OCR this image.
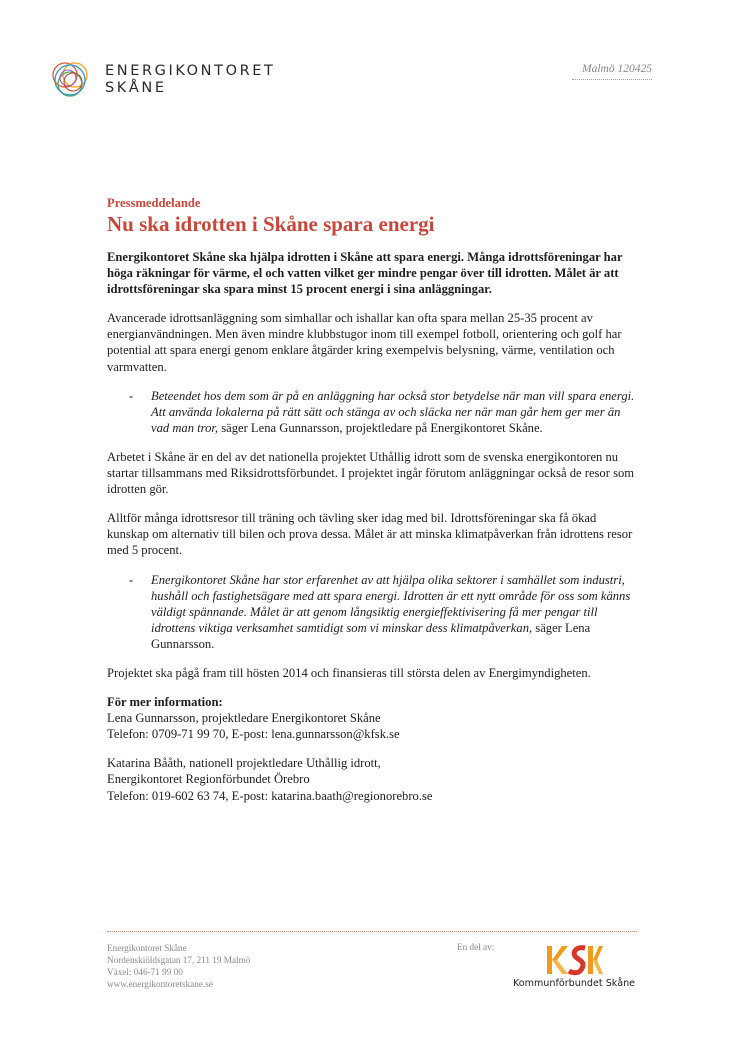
ENERGIKONTORET
SKÅNE
Malmö 120425
Pressmeddelande
Nu ska idrotten i Skåne spara energi

Energikontoret Skåne ska hjälpa idrotten i Skåne att spara energi. Många idrottsföreningar har höga räkningar för värme, el och vatten vilket ger mindre pengar över till idrotten. Målet är att idrottsföreningar ska spara minst 15 procent energi i sina anläggningar.

Avancerade idrottsanläggning som simhallar och ishallar kan ofta spara mellan 25-35 procent av energianvändningen. Men även mindre klubbstugor inom till exempel fotboll, orientering och golf har potential att spara energi genom enklare åtgärder kring exempelvis belysning, värme, ventilation och varmvatten.

-	Beteendet hos dem som är på en anläggning har också stor betydelse när man vill spara energi. Att använda lokalerna på rätt sätt och stänga av och släcka ner när man går hem ger mer än vad man tror, säger Lena Gunnarsson, projektledare på Energikontoret Skåne.

Arbetet i Skåne är en del av det nationella projektet Uthållig idrott som de svenska energikontoren nu startar tillsammans med Riksidrottsförbundet. I projektet ingår förutom anläggningar också de resor som idrotten gör.

Alltför många idrottsresor till träning och tävling sker idag med bil. Idrottsföreningar ska få ökad kunskap om alternativ till bilen och prova dessa. Målet är att minska klimatpåverkan från idrottens resor med 5 procent.

-	Energikontoret Skåne har stor erfarenhet av att hjälpa olika sektorer i samhället som industri, hushåll och fastighetsägare med att spara energi. Idrotten är ett nytt område för oss som känns väldigt spännande. Målet är att genom långsiktig energieffektivisering få mer pengar till idrottens viktiga verksamhet samtidigt som vi minskar dess klimatpåverkan, säger Lena Gunnarsson.

Projektet ska pågå fram till hösten 2014 och finansieras till största delen av Energimyndigheten.

För mer information:
Lena Gunnarsson, projektledare Energikontoret Skåne
Telefon: 0709-71 99 70, E-post: lena.gunnarsson@kfsk.se
Katarina Bååth, nationell projektledare Uthållig idrott,
Energikontoret Regionförbundet Örebro
Telefon: 019-602 63 74, E-post: katarina.baath@regionorebro.se
Energikontoret Skåne
Nordenskiöldsgatan 17, 211 19 Malmö
Växel: 046-71 99 00
www.energikontoretskane.se
En del av:
Kommunförbundet Skåne
